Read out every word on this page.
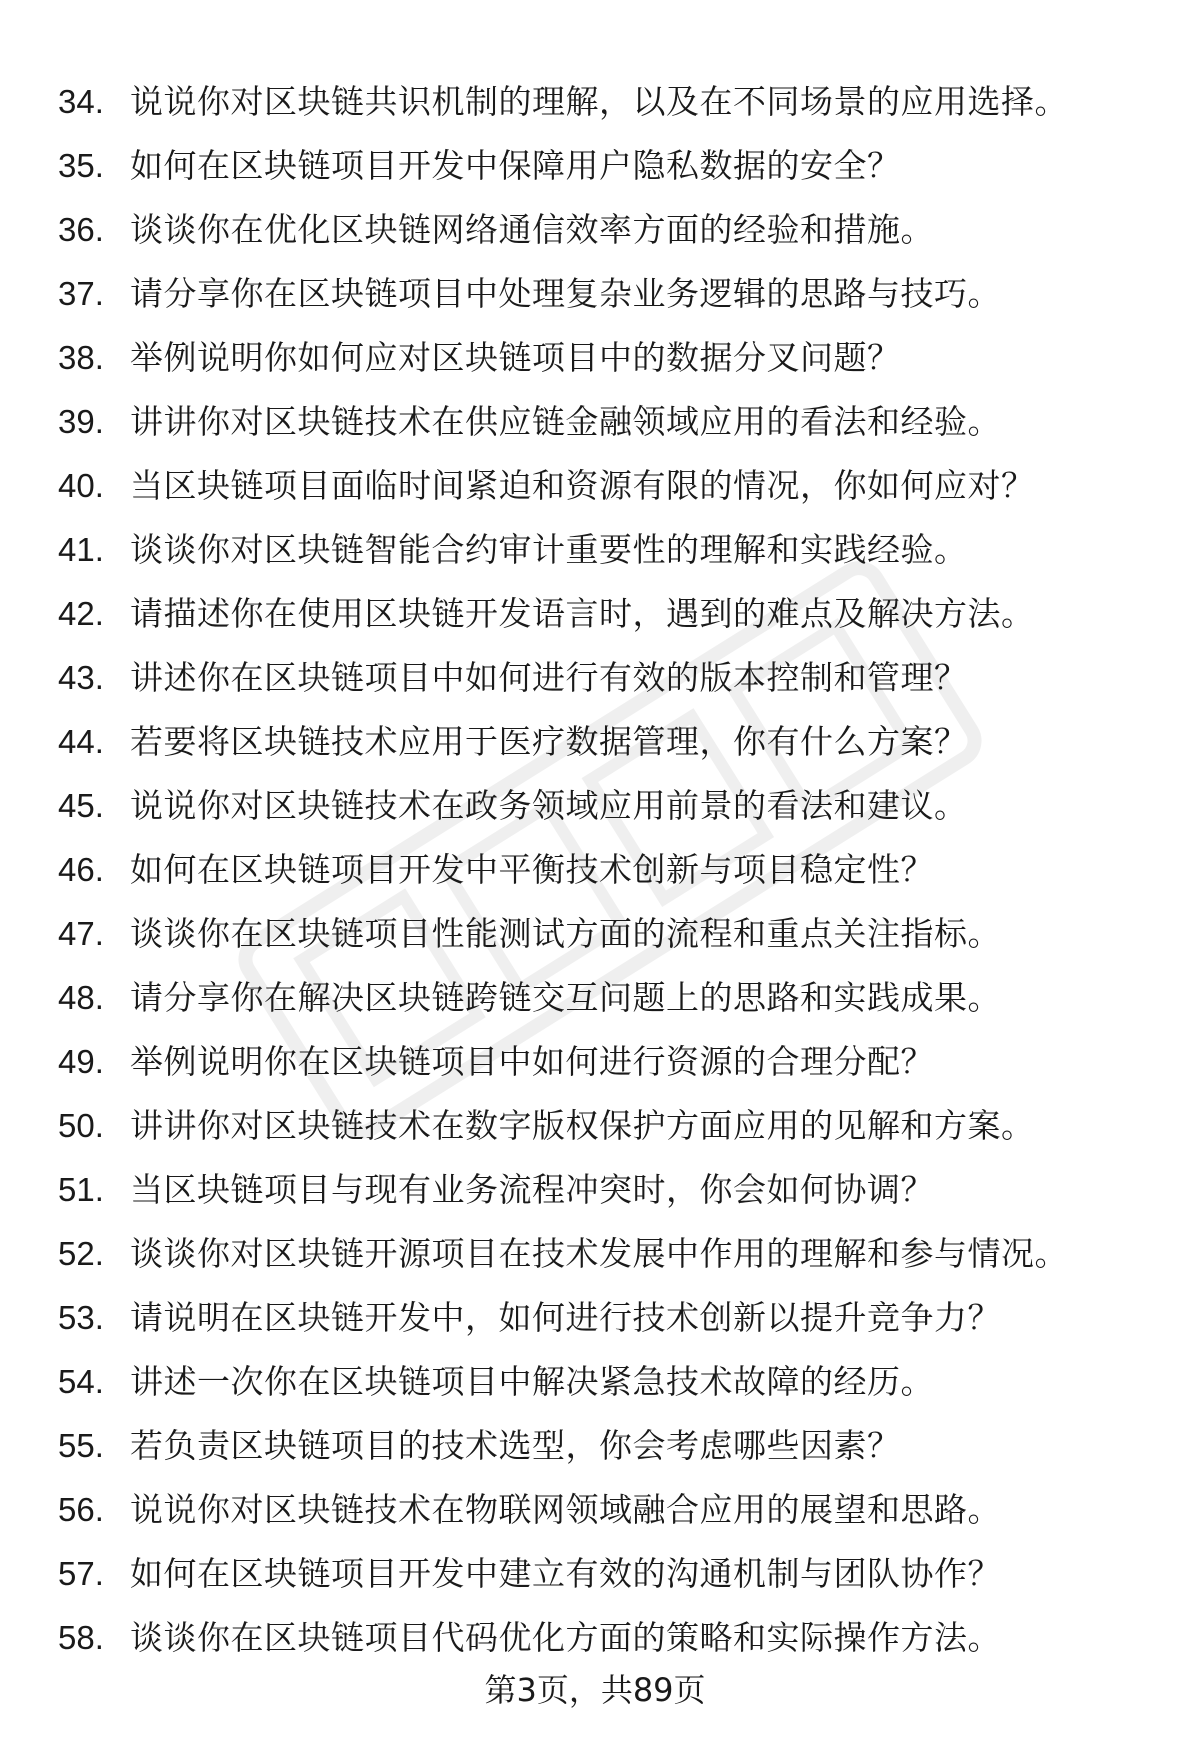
34. 说说你对区块链共识机制的理解，以及在不同场景的应用选择。
35. 如何在区块链项目开发中保障用户隐私数据的安全？
36. 谈谈你在优化区块链网络通信效率方面的经验和措施。
37. 请分享你在区块链项目中处理复杂业务逻辑的思路与技巧。
38. 举例说明你如何应对区块链项目中的数据分叉问题？
39. 讲讲你对区块链技术在供应链金融领域应用的看法和经验。
40. 当区块链项目面临时间紧迫和资源有限的情况，你如何应对？
41. 谈谈你对区块链智能合约审计重要性的理解和实践经验。
42. 请描述你在使用区块链开发语言时，遇到的难点及解决方法。
43. 讲述你在区块链项目中如何进行有效的版本控制和管理？
44. 若要将区块链技术应用于医疗数据管理，你有什么方案？
45. 说说你对区块链技术在政务领域应用前景的看法和建议。
46. 如何在区块链项目开发中平衡技术创新与项目稳定性？
47. 谈谈你在区块链项目性能测试方面的流程和重点关注指标。
48. 请分享你在解决区块链跨链交互问题上的思路和实践成果。
49. 举例说明你在区块链项目中如何进行资源的合理分配？
50. 讲讲你对区块链技术在数字版权保护方面应用的见解和方案。
51. 当区块链项目与现有业务流程冲突时，你会如何协调？
52. 谈谈你对区块链开源项目在技术发展中作用的理解和参与情况。
53. 请说明在区块链开发中，如何进行技术创新以提升竞争力？
54. 讲述一次你在区块链项目中解决紧急技术故障的经历。
55. 若负责区块链项目的技术选型，你会考虑哪些因素？
56. 说说你对区块链技术在物联网领域融合应用的展望和思路。
57. 如何在区块链项目开发中建立有效的沟通机制与团队协作？
58. 谈谈你在区块链项目代码优化方面的策略和实际操作方法。
第3页，共89页
